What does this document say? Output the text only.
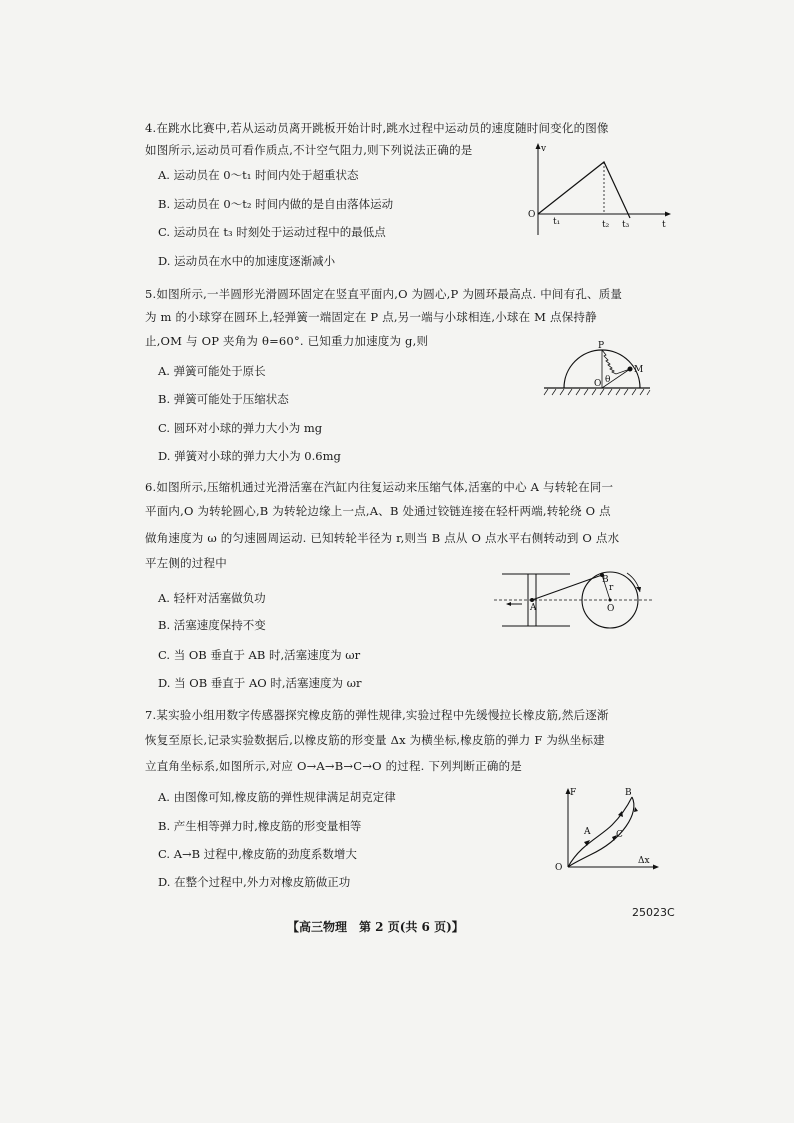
4.在跳水比赛中,若从运动员离开跳板开始计时,跳水过程中运动员的速度随时间变化的图像
如图所示,运动员可看作质点,不计空气阻力,则下列说法正确的是
A. 运动员在 0～t₁ 时间内处于超重状态
B. 运动员在 0～t₂ 时间内做的是自由落体运动
C. 运动员在 t₃ 时刻处于运动过程中的最低点
D. 运动员在水中的加速度逐渐减小
v
O
t₁	t₂ t₃	t
5.如图所示,一半圆形光滑圆环固定在竖直平面内,O 为圆心,P 为圆环最高点. 中间有孔、质量
为 m 的小球穿在圆环上,轻弹簧一端固定在 P 点,另一端与小球相连,小球在 M 点保持静
止,OM 与 OP 夹角为 θ=60°. 已知重力加速度为 g,则
A. 弹簧可能处于原长
B. 弹簧可能处于压缩状态
C. 圆环对小球的弹力大小为 mg
D. 弹簧对小球的弹力大小为 0.6mg
P
O θ
M
6.如图所示,压缩机通过光滑活塞在汽缸内往复运动来压缩气体,活塞的中心 A 与转轮在同一
平面内,O 为转轮圆心,B 为转轮边缘上一点,A、B 处通过铰链连接在轻杆两端,转轮绕 O 点
做角速度为 ω 的匀速圆周运动. 已知转轮半径为 r,则当 B 点从 O 点水平右侧转动到 O 点水
平左侧的过程中
A. 轻杆对活塞做负功
B. 活塞速度保持不变
C. 当 OB 垂直于 AB 时,活塞速度为 ωr
D. 当 OB 垂直于 AO 时,活塞速度为 ωr
A
B
O
r
7.某实验小组用数字传感器探究橡皮筋的弹性规律,实验过程中先缓慢拉长橡皮筋,然后逐渐
恢复至原长,记录实验数据后,以橡皮筋的形变量 Δx 为横坐标,橡皮筋的弹力 F 为纵坐标建
立直角坐标系,如图所示,对应 O→A→B→C→O 的过程. 下列判断正确的是
A. 由图像可知,橡皮筋的弹性规律满足胡克定律
B. 产生相等弹力时,橡皮筋的形变量相等
C. A→B 过程中,橡皮筋的劲度系数增大
D. 在整个过程中,外力对橡皮筋做正功
F
O
A
B
C
Δx
【高三物理　第 2 页(共 6 页)】
25023C
